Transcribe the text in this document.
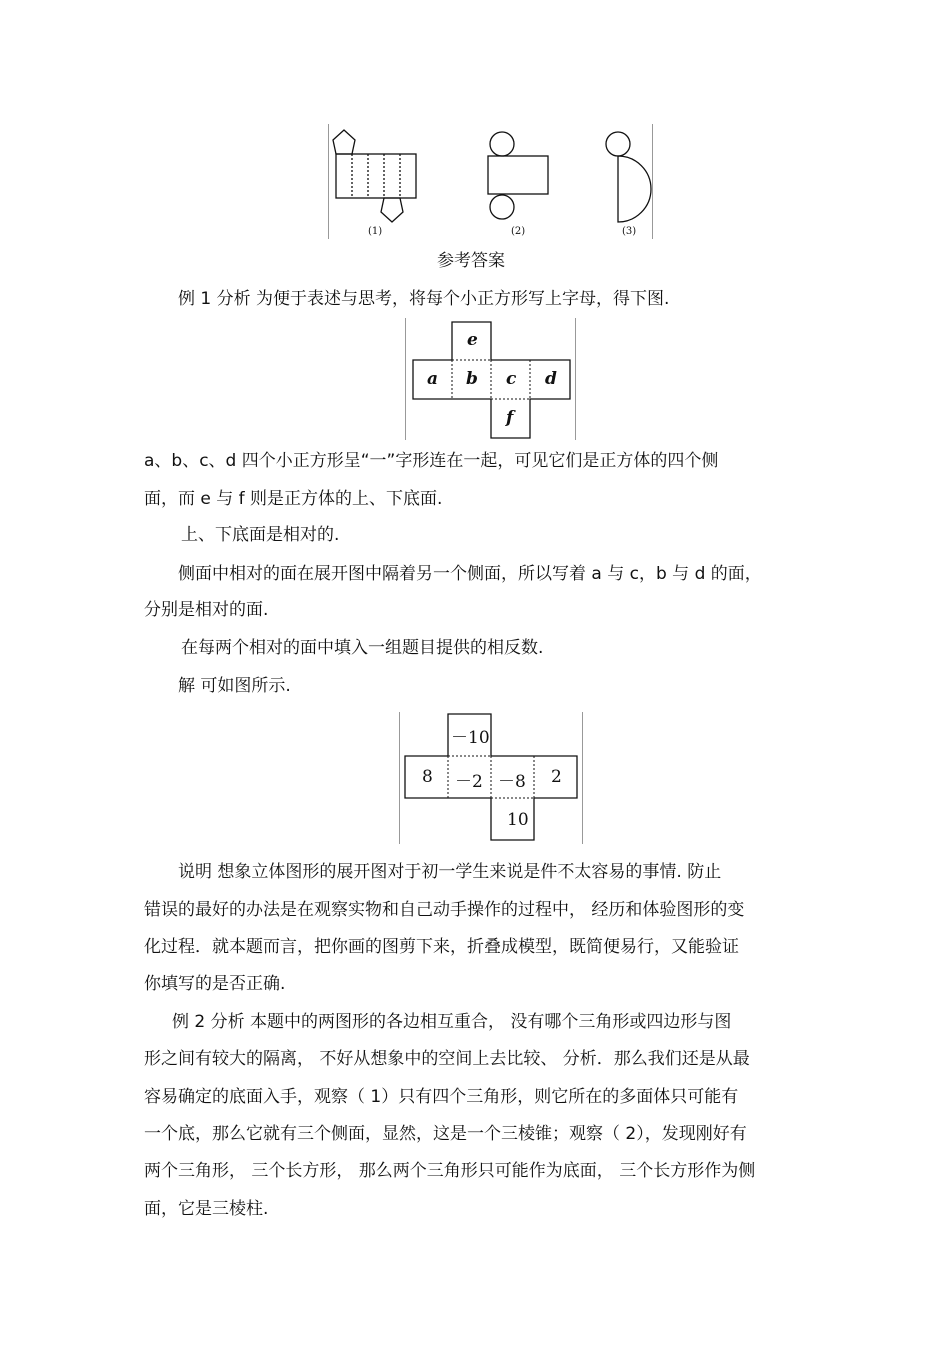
(1)	(2)	(3)
参考答案
例 1 分析 为便于表述与思考，将每个小正方形写上字母，得下图.
e
a b c d
f
a、b、c、d 四个小正方形呈“一”字形连在一起，可见它们是正方体的四个侧
面，而 e 与 f 则是正方体的上、下底面.
上、下底面是相对的.
侧面中相对的面在展开图中隔着另一个侧面，所以写着 a 与 c，b 与 d 的面，
分别是相对的面.
在每两个相对的面中填入一组题目提供的相反数.
解 可如图所示.
－10
8 －2 －8 2
10
说明 想象立体图形的展开图对于初一学生来说是件不太容易的事情. 防止
错误的最好的办法是在观察实物和自己动手操作的过程中， 经历和体验图形的变
化过程．就本题而言，把你画的图剪下来，折叠成模型，既简便易行，又能验证
你填写的是否正确.
例 2 分析 本题中的两图形的各边相互重合， 没有哪个三角形或四边形与图
形之间有较大的隔离， 不好从想象中的空间上去比较、 分析．那么我们还是从最
容易确定的底面入手，观察（ 1）只有四个三角形，则它所在的多面体只可能有
一个底，那么它就有三个侧面，显然，这是一个三棱锥；观察（ 2），发现刚好有
两个三角形， 三个长方形， 那么两个三角形只可能作为底面， 三个长方形作为侧
面，它是三棱柱.
